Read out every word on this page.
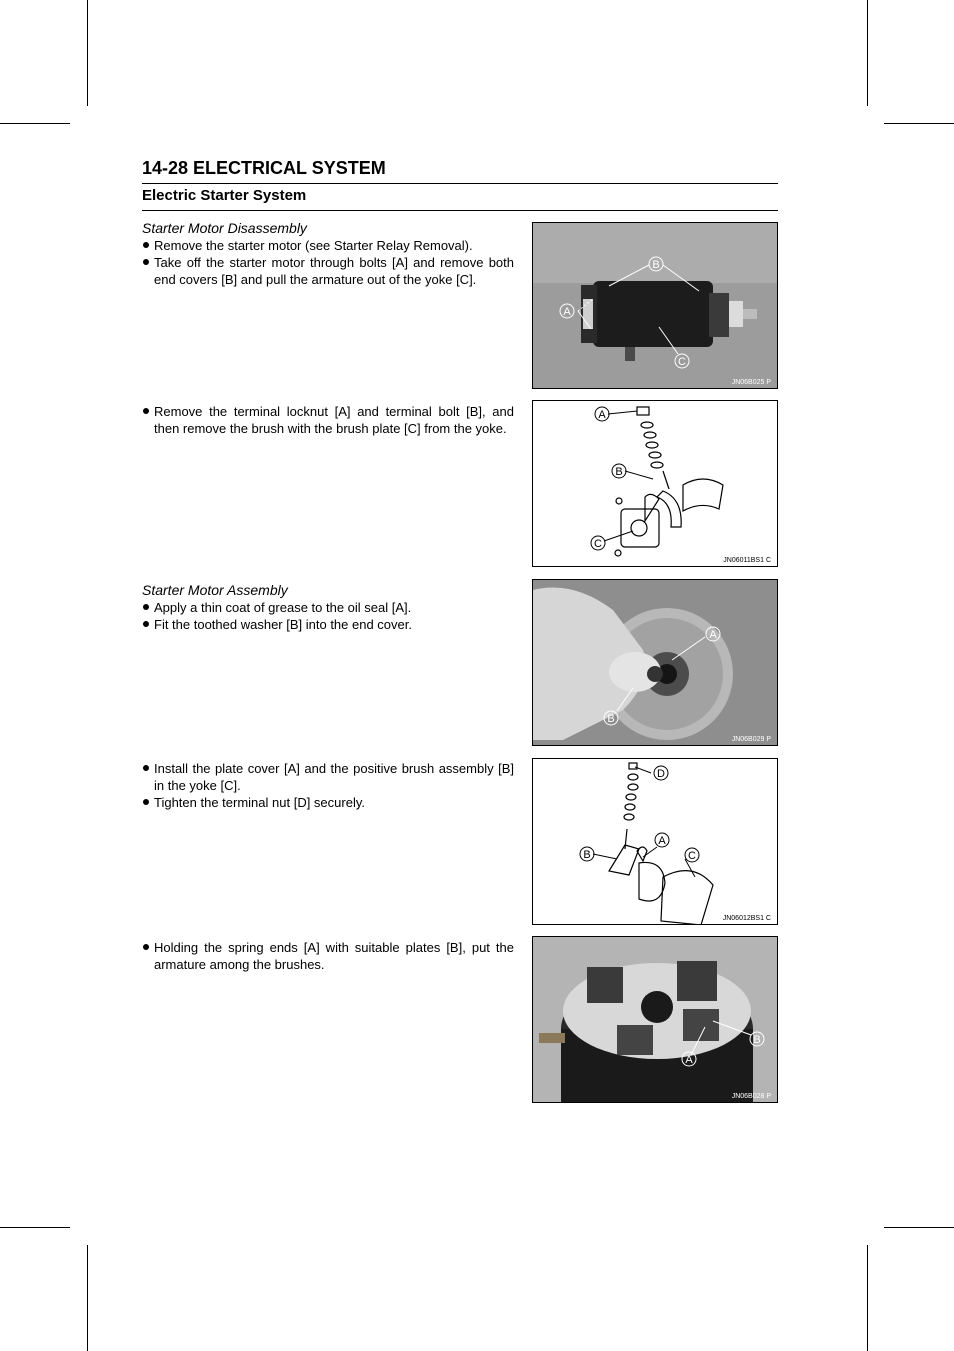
14-28 ELECTRICAL SYSTEM
Electric Starter System
Starter Motor Disassembly
Remove the starter motor (see Starter Relay Removal).
Take off the starter motor through bolts [A] and remove both end covers [B] and pull the armature out of the yoke [C].
A
B
C
JN06B025 P
Remove the terminal locknut [A] and terminal bolt [B], and then remove the brush with the brush plate [C] from the yoke.
A
B
C
JN06011BS1 C
Starter Motor Assembly
Apply a thin coat of grease to the oil seal [A].
Fit the toothed washer [B] into the end cover.
A
B
JN06B029 P
Install the plate cover [A] and the positive brush assembly [B] in the yoke [C].
Tighten the terminal nut [D] securely.
A
B	C
D
JN06012BS1 C
Holding the spring ends [A] with suitable plates [B], put the armature among the brushes.
A
B
JN06B028 P
